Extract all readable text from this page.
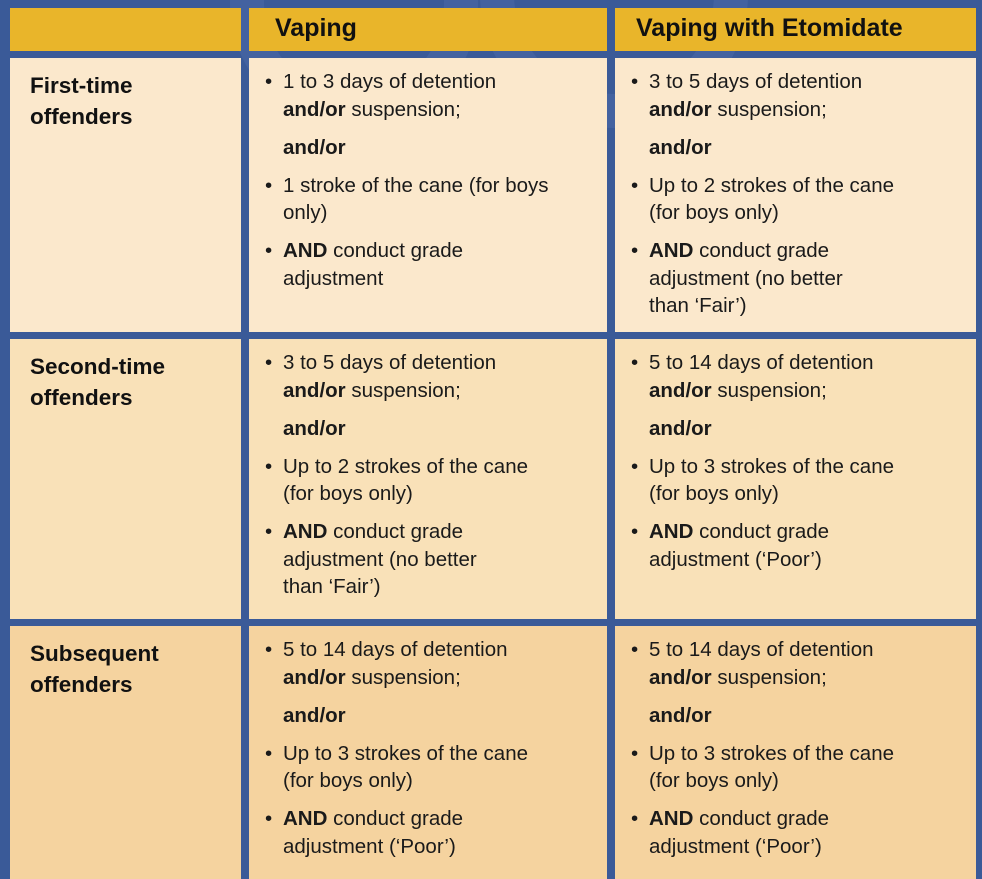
Vaping	Vaping with Etomidate
First-time
offenders
• 1 to 3 days of detention
and/or suspension;
and/or
• 1 stroke of the cane (for boys
only)
• AND conduct grade
adjustment
• 3 to 5 days of detention
and/or suspension;
and/or
• Up to 2 strokes of the cane
(for boys only)
• AND conduct grade
adjustment (no better
than ‘Fair’)
Second-time
offenders
• 3 to 5 days of detention
and/or suspension;
and/or
• Up to 2 strokes of the cane
(for boys only)
• AND conduct grade
adjustment (no better
than ‘Fair’)
• 5 to 14 days of detention
and/or suspension;
and/or
• Up to 3 strokes of the cane
(for boys only)
• AND conduct grade
adjustment (‘Poor’)
Subsequent
offenders
• 5 to 14 days of detention
and/or suspension;
and/or
• Up to 3 strokes of the cane
(for boys only)
• AND conduct grade
adjustment (‘Poor’)
• 5 to 14 days of detention
and/or suspension;
and/or
• Up to 3 strokes of the cane
(for boys only)
• AND conduct grade
adjustment (‘Poor’)
